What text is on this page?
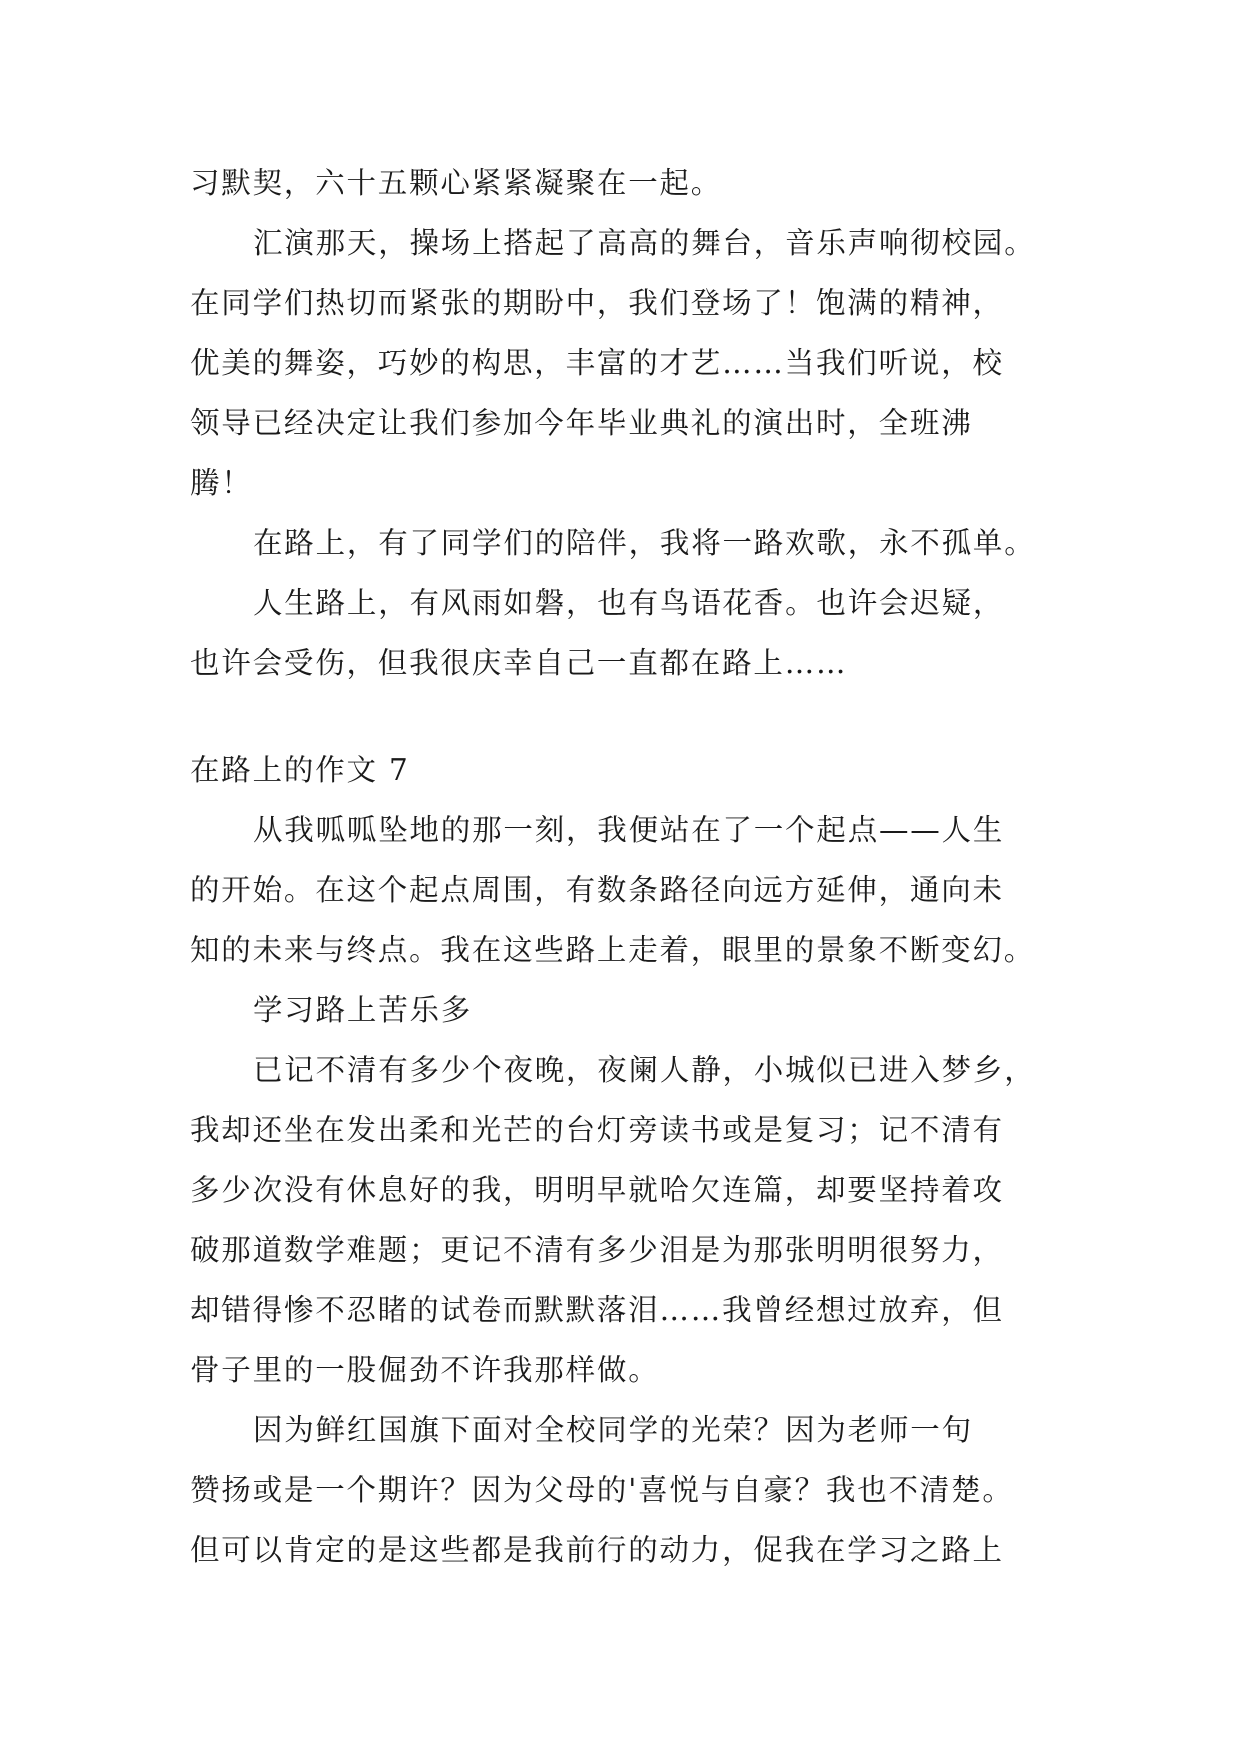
习默契，六十五颗心紧紧凝聚在一起。
汇演那天，操场上搭起了高高的舞台，音乐声响彻校园。
在同学们热切而紧张的期盼中，我们登场了！饱满的精神，
优美的舞姿，巧妙的构思，丰富的才艺……当我们听说，校
领导已经决定让我们参加今年毕业典礼的演出时，全班沸
腾！
在路上，有了同学们的陪伴，我将一路欢歌，永不孤单。
人生路上，有风雨如磐，也有鸟语花香。也许会迟疑，
也许会受伤，但我很庆幸自己一直都在路上……
在路上的作文 7
从我呱呱坠地的那一刻，我便站在了一个起点——人生
的开始。在这个起点周围，有数条路径向远方延伸，通向未
知的未来与终点。我在这些路上走着，眼里的景象不断变幻。
学习路上苦乐多
已记不清有多少个夜晚，夜阑人静，小城似已进入梦乡，
我却还坐在发出柔和光芒的台灯旁读书或是复习；记不清有
多少次没有休息好的我，明明早就哈欠连篇，却要坚持着攻
破那道数学难题；更记不清有多少泪是为那张明明很努力，
却错得惨不忍睹的试卷而默默落泪……我曾经想过放弃，但
骨子里的一股倔劲不许我那样做。
因为鲜红国旗下面对全校同学的光荣？因为老师一句
赞扬或是一个期许？因为父母的'喜悦与自豪？我也不清楚。
但可以肯定的是这些都是我前行的动力，促我在学习之路上
